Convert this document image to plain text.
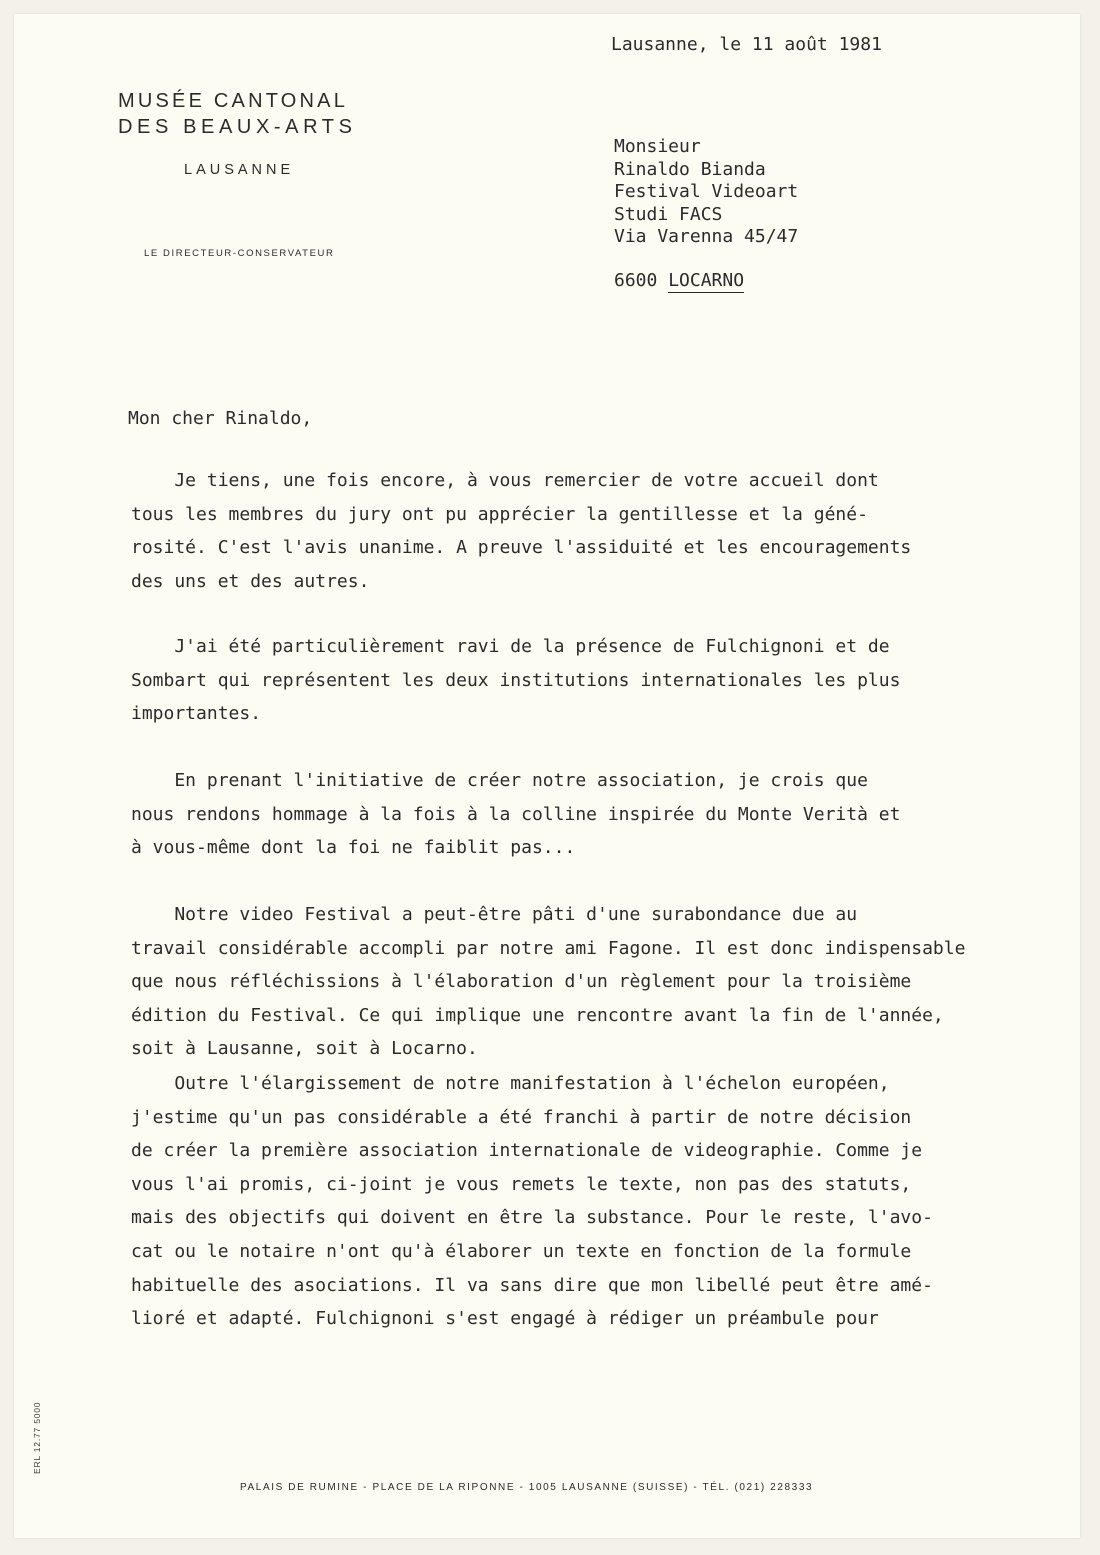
MUSÉE CANTONAL
DES BEAUX-ARTS
LAUSANNE
LE DIRECTEUR-CONSERVATEUR
Lausanne, le 11 août 1981
Monsieur
Rinaldo Bianda
Festival Videoart
Studi FACS
Via Varenna 45/47
6600 LOCARNO
Mon cher Rinaldo,
Je tiens, une fois encore, à vous remercier de votre accueil dont
tous les membres du jury ont pu apprécier la gentillesse et la géné-
rosité. C'est l'avis unanime. A preuve l'assiduité et les encouragements
des uns et des autres.
J'ai été particulièrement ravi de la présence de Fulchignoni et de
Sombart qui représentent les deux institutions internationales les plus
importantes.
En prenant l'initiative de créer notre association, je crois que
nous rendons hommage à la fois à la colline inspirée du Monte Verità et
à vous-même dont la foi ne faiblit pas...
Notre video Festival a peut-être pâti d'une surabondance due au
travail considérable accompli par notre ami Fagone. Il est donc indispensable
que nous réfléchissions à l'élaboration d'un règlement pour la troisième
édition du Festival. Ce qui implique une rencontre avant la fin de l'année,
soit à Lausanne, soit à Locarno.
Outre l'élargissement de notre manifestation à l'échelon européen,
j'estime qu'un pas considérable a été franchi à partir de notre décision
de créer la première association internationale de videographie. Comme je
vous l'ai promis, ci-joint je vous remets le texte, non pas des statuts,
mais des objectifs qui doivent en être la substance. Pour le reste, l'avo-
cat ou le notaire n'ont qu'à élaborer un texte en fonction de la formule
habituelle des asociations. Il va sans dire que mon libellé peut être amé-
lioré et adapté. Fulchignoni s'est engagé à rédiger un préambule pour
ERL 12.77 5000
PALAIS DE RUMINE - PLACE DE LA RIPONNE - 1005 LAUSANNE (SUISSE) - TÉL. (021) 228333
